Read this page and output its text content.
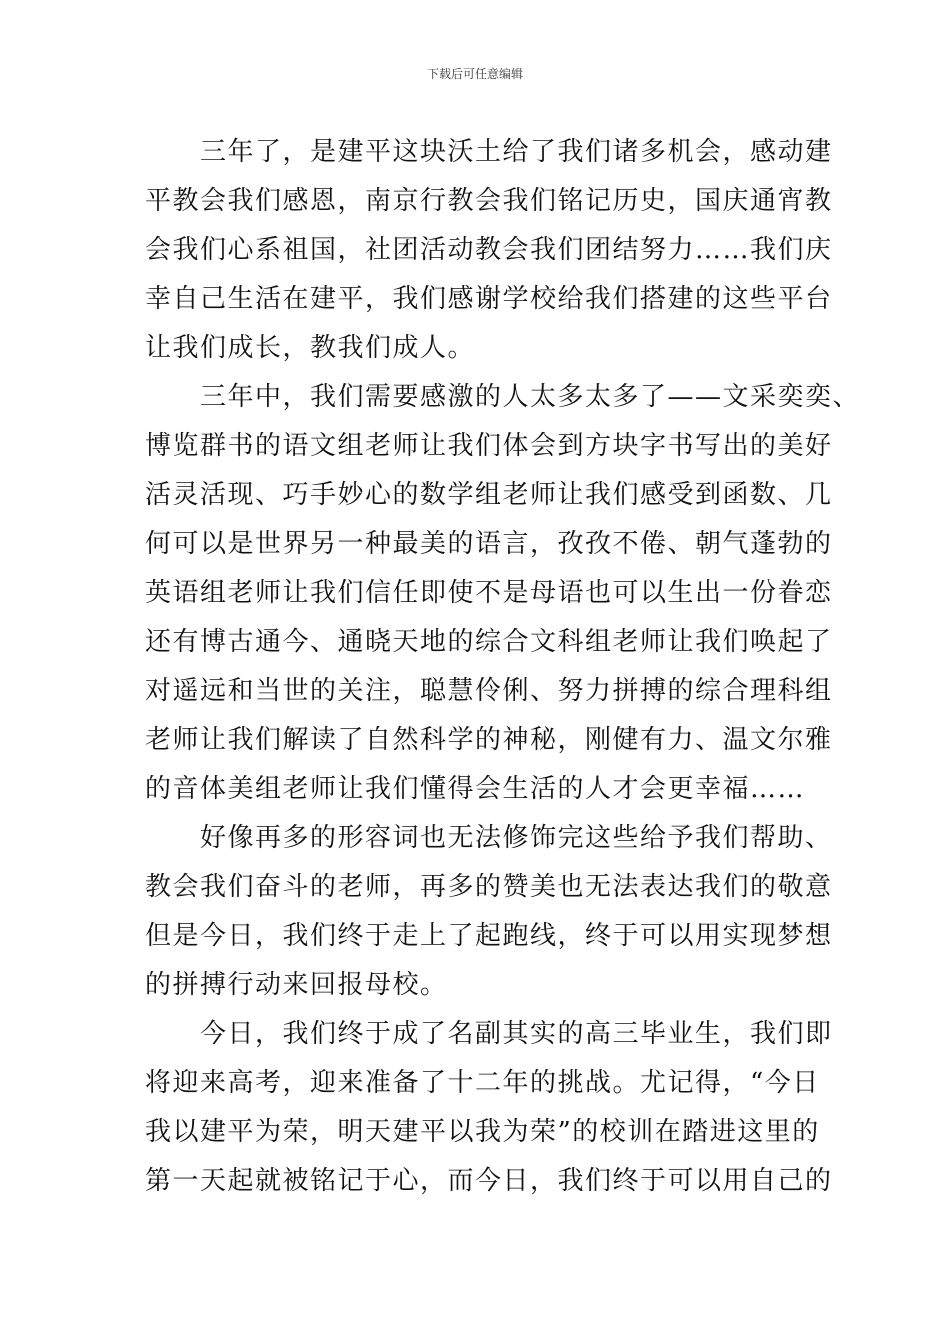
下载后可任意编辑
三年了，是建平这块沃土给了我们诸多机会，感动建
平教会我们感恩，南京行教会我们铭记历史，国庆通宵教
会我们心系祖国，社团活动教会我们团结努力……我们庆
幸自己生活在建平，我们感谢学校给我们搭建的这些平台
让我们成长，教我们成人。
三年中，我们需要感激的人太多太多了——文采奕奕、
博览群书的语文组老师让我们体会到方块字书写出的美好
活灵活现、巧手妙心的数学组老师让我们感受到函数、几
何可以是世界另一种最美的语言，孜孜不倦、朝气蓬勃的
英语组老师让我们信任即使不是母语也可以生出一份眷恋
还有博古通今、通晓天地的综合文科组老师让我们唤起了
对遥远和当世的关注，聪慧伶俐、努力拼搏的综合理科组
老师让我们解读了自然科学的神秘，刚健有力、温文尔雅
的音体美组老师让我们懂得会生活的人才会更幸福……
好像再多的形容词也无法修饰完这些给予我们帮助、
教会我们奋斗的老师，再多的赞美也无法表达我们的敬意
但是今日，我们终于走上了起跑线，终于可以用实现梦想
的拼搏行动来回报母校。
今日，我们终于成了名副其实的高三毕业生，我们即
将迎来高考，迎来准备了十二年的挑战。尤记得，“今日
我以建平为荣，明天建平以我为荣”的校训在踏进这里的
第一天起就被铭记于心，而今日，我们终于可以用自己的
